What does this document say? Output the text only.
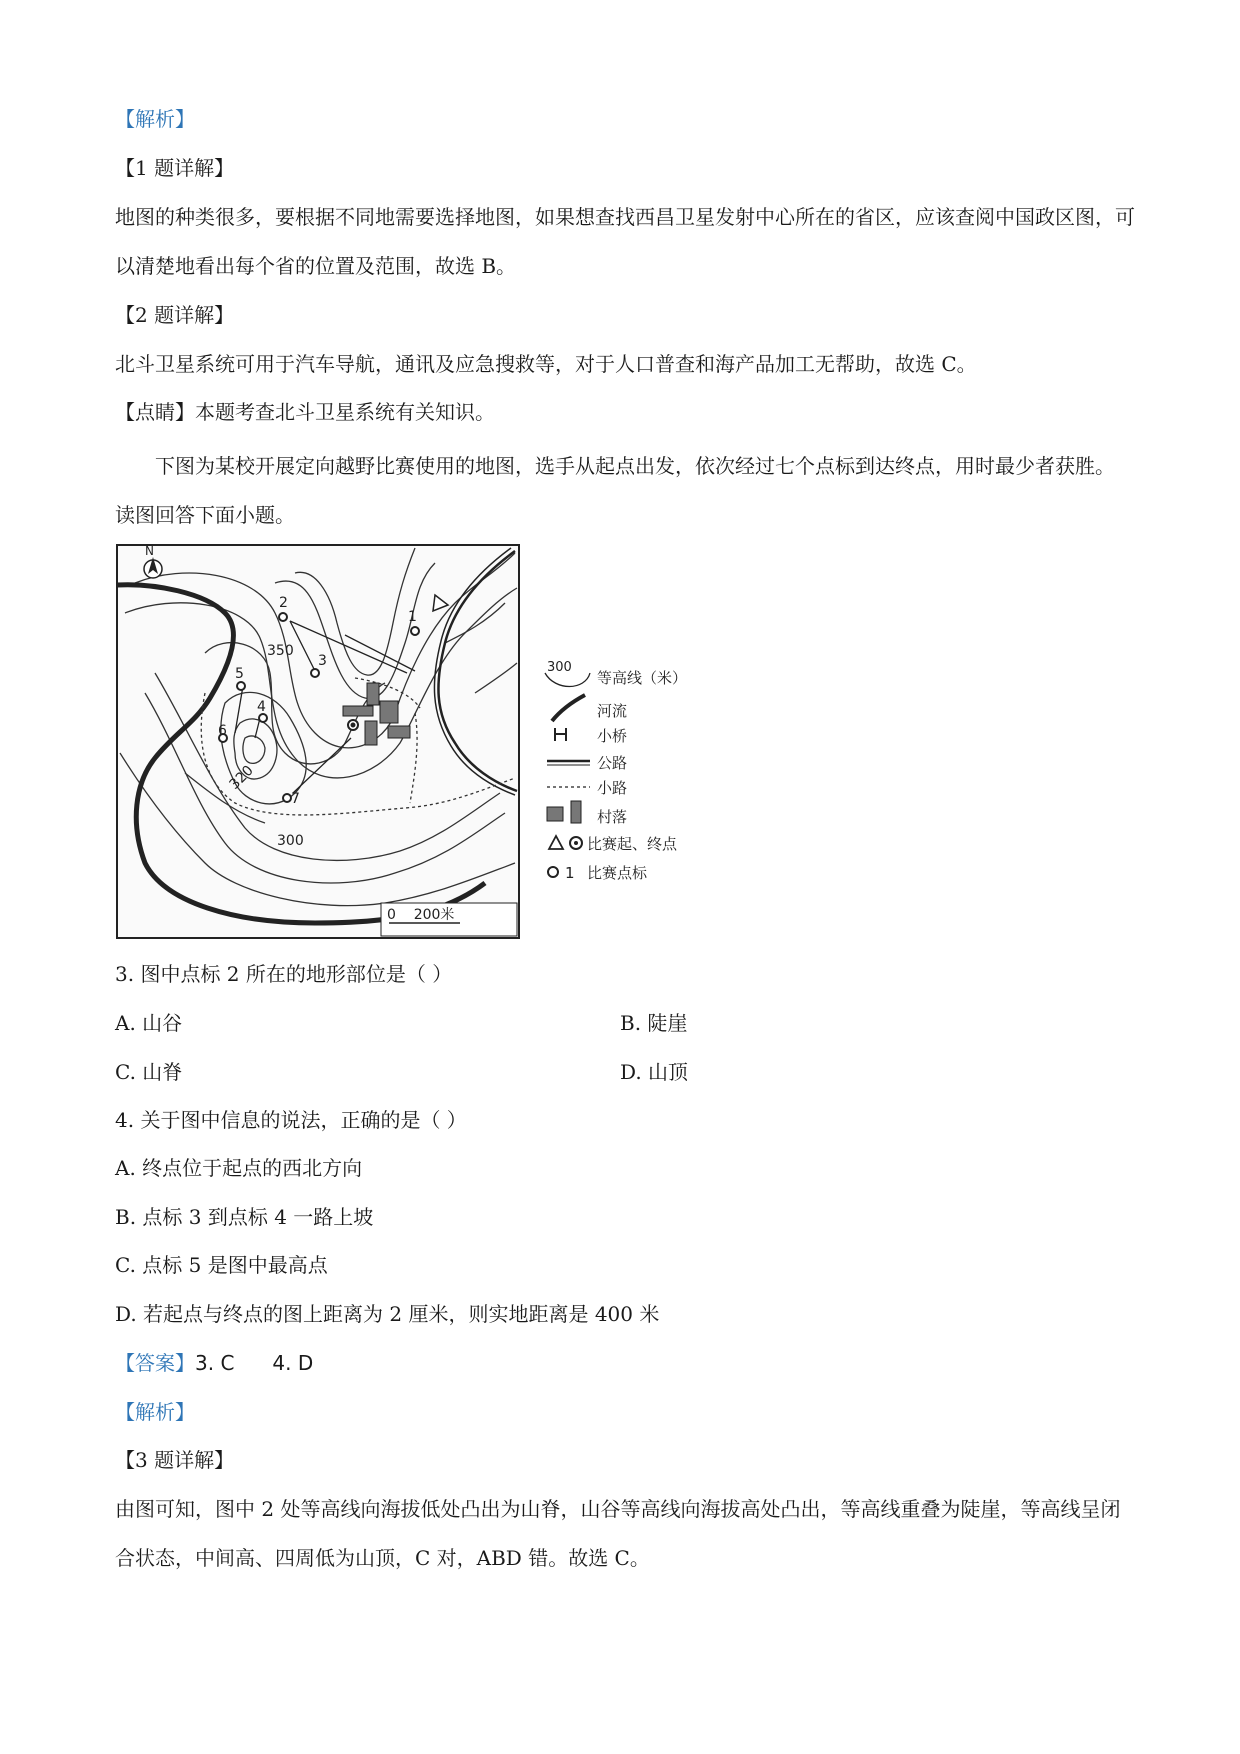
【解析】
【1 题详解】
地图的种类很多，要根据不同地需要选择地图，如果想查找西昌卫星发射中心所在的省区，应该查阅中国政区图，可以清楚地看出每个省的位置及范围，故选 B。
【2 题详解】
北斗卫星系统可用于汽车导航，通讯及应急搜救等，对于人口普查和海产品加工无帮助，故选 C。
【点睛】本题考查北斗卫星系统有关知识。
下图为某校开展定向越野比赛使用的地图，选手从起点出发，依次经过七个点标到达终点，用时最少者获胜。读图回答下面小题。
N
1
2
3
4
5
6
7
350
320
300
0    200米
300
等高线（米）
河流
小桥
公路
小路
村落
比赛起、终点
1 比赛点标
3. 图中点标 2 所在的地形部位是（ ）
A. 山谷	B. 陡崖
C. 山脊	D. 山顶
4. 关于图中信息的说法，正确的是（ ）
A. 终点位于起点的西北方向
B. 点标 3 到点标 4 一路上坡
C. 点标 5 是图中最高点
D. 若起点与终点的图上距离为 2 厘米，则实地距离是 400 米
【答案】3. C 4. D
【解析】
【3 题详解】
由图可知，图中 2 处等高线向海拔低处凸出为山脊，山谷等高线向海拔高处凸出，等高线重叠为陡崖，等高线呈闭合状态，中间高、四周低为山顶，C 对，ABD 错。故选 C。
